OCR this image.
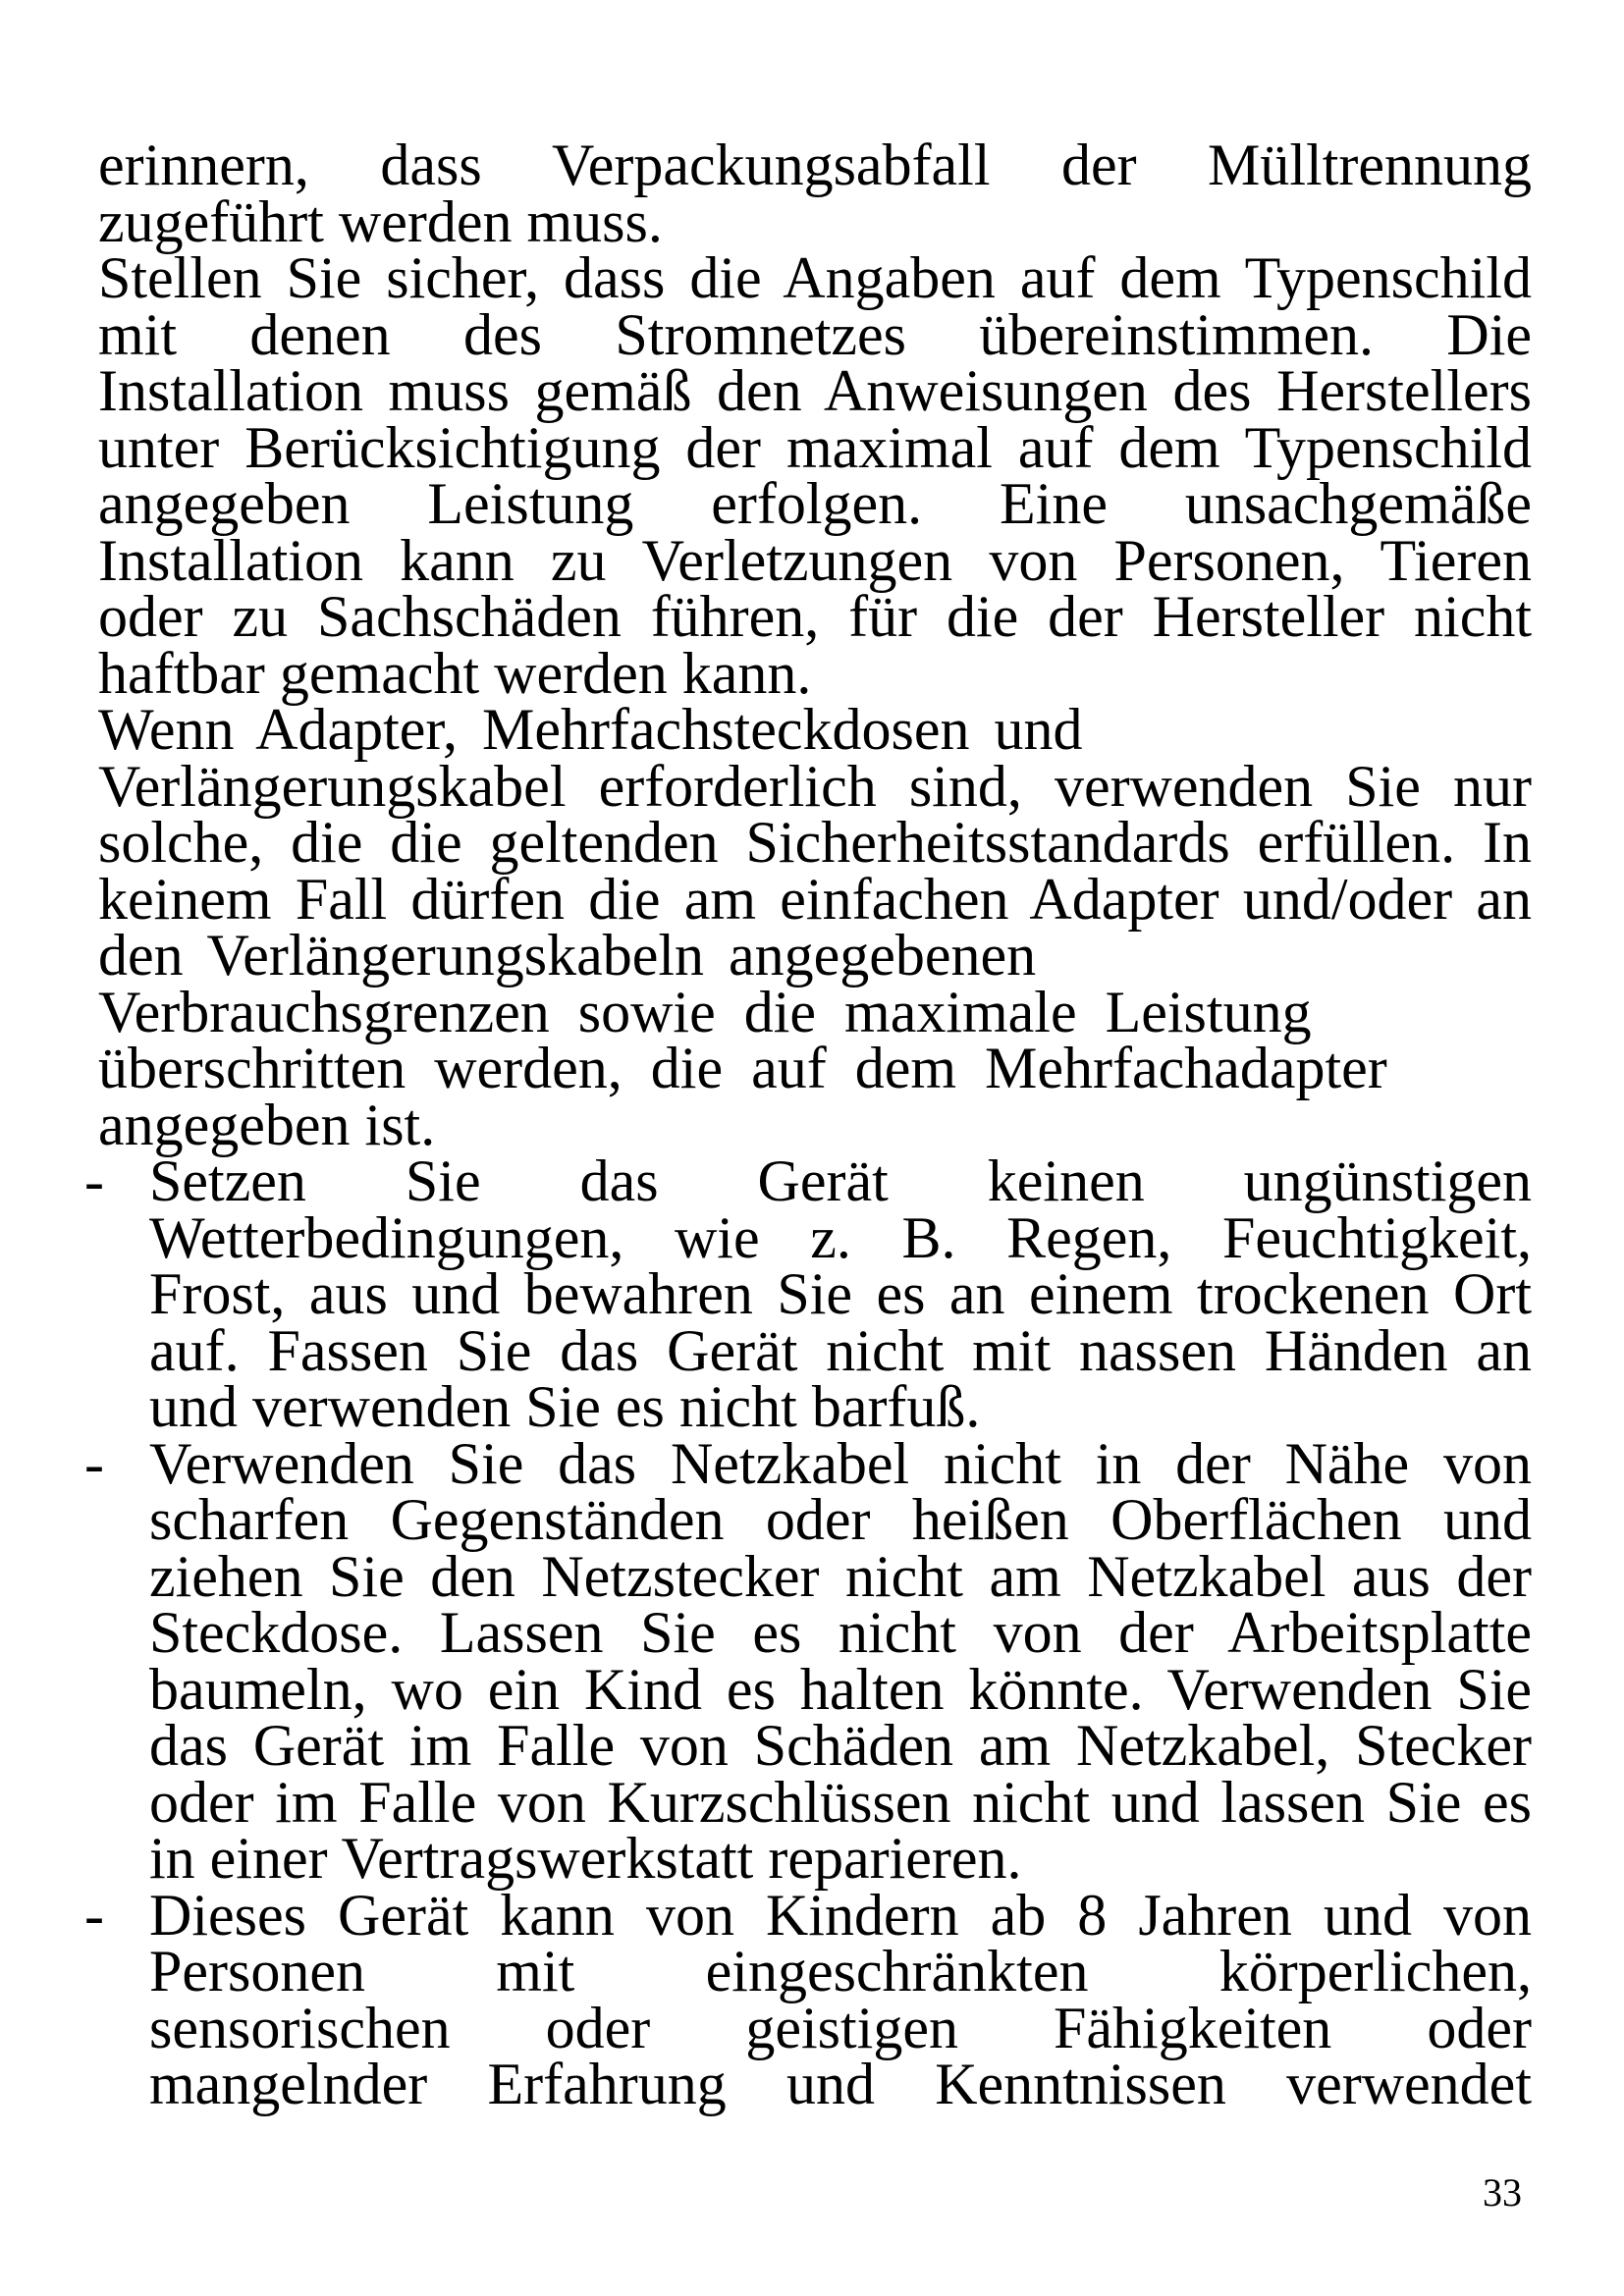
erinnern, dass Verpackungsabfall der Mülltrennung
zugeführt werden muss.
Stellen Sie sicher, dass die Angaben auf dem Typenschild
mit denen des Stromnetzes übereinstimmen. Die
Installation muss gemäß den Anweisungen des Herstellers
unter Berücksichtigung der maximal auf dem Typenschild
angegeben Leistung erfolgen. Eine unsachgemäße
Installation kann zu Verletzungen von Personen, Tieren
oder zu Sachschäden führen, für die der Hersteller nicht
haftbar gemacht werden kann.
Wenn Adapter, Mehrfachsteckdosen und
Verlängerungskabel erforderlich sind, verwenden Sie nur
solche, die die geltenden Sicherheitsstandards erfüllen. In
keinem Fall dürfen die am einfachen Adapter und/oder an
den Verlängerungskabeln angegebenen
Verbrauchsgrenzen sowie die maximale Leistung
überschritten werden, die auf dem Mehrfachadapter
angegeben ist.
- Setzen Sie das Gerät keinen ungünstigen
Wetterbedingungen, wie z. B. Regen, Feuchtigkeit,
Frost, aus und bewahren Sie es an einem trockenen Ort
auf. Fassen Sie das Gerät nicht mit nassen Händen an
und verwenden Sie es nicht barfuß.
- Verwenden Sie das Netzkabel nicht in der Nähe von
scharfen Gegenständen oder heißen Oberflächen und
ziehen Sie den Netzstecker nicht am Netzkabel aus der
Steckdose. Lassen Sie es nicht von der Arbeitsplatte
baumeln, wo ein Kind es halten könnte. Verwenden Sie
das Gerät im Falle von Schäden am Netzkabel, Stecker
oder im Falle von Kurzschlüssen nicht und lassen Sie es
in einer Vertragswerkstatt reparieren.
- Dieses Gerät kann von Kindern ab 8 Jahren und von
Personen mit eingeschränkten körperlichen,
sensorischen oder geistigen Fähigkeiten oder
mangelnder Erfahrung und Kenntnissen verwendet
33
